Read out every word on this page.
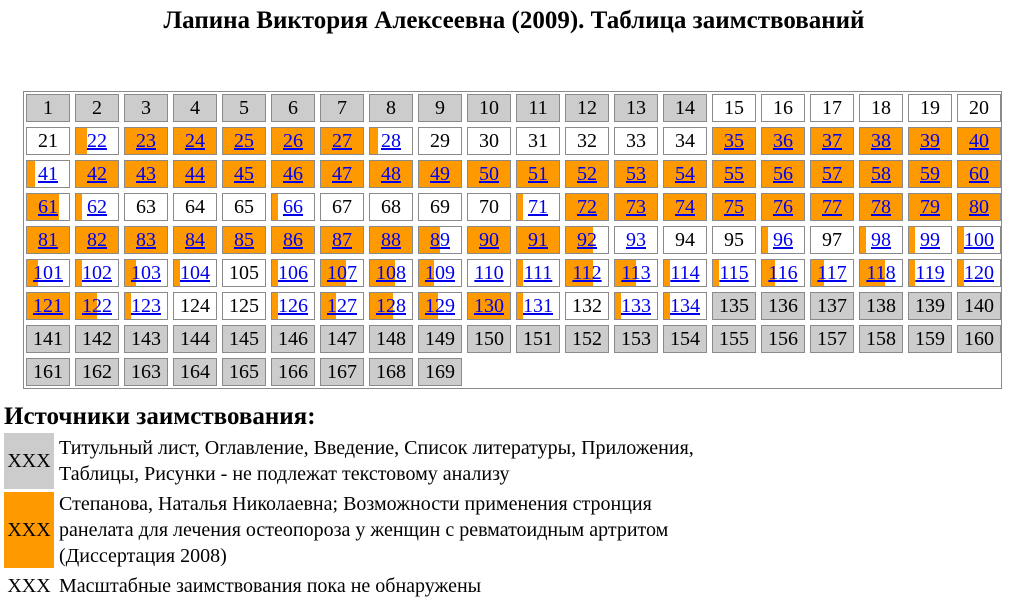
Лапина Виктория Алексеевна (2009). Таблица заимствований
1	2	3	4	5	6	7	8	9	10	11	12	13	14	15	16	17	18	19	20
21	22	23	24	25	26	27	28	29	30	31	32	33	34	35	36	37	38	39	40
41	42	43	44	45	46	47	48	49	50	51	52	53	54	55	56	57	58	59	60
61	62	63	64	65	66	67	68	69	70	71	72	73	74	75	76	77	78	79	80
81	82	83	84	85	86	87	88	89	90	91	92	93	94	95	96	97	98	99	100
101 102 103 104 105 106 107 108 109 110	111	112 113 114 115 116 117 118 119 120
121 122 123 124 125 126 127 128 129 130 131 132 133 134 135 136 137 138 139 140
141 142 143 144 145 146 147 148 149 150 151 152 153 154 155 156 157 158 159 160
161 162 163 164 165 166 167 168 169
Источники заимствования:
XXX
Титульный лист, Оглавление, Введение, Список литературы, Приложения,
Таблицы, Рисунки - не подлежат текстовому анализу
XXX
Степанова, Наталья Николаевна; Возможности применения стронция
ранелата для лечения остеопороза у женщин с ревматоидным артритом
(Диссертация 2008)
XXX Масштабные заимствования пока не обнаружены
